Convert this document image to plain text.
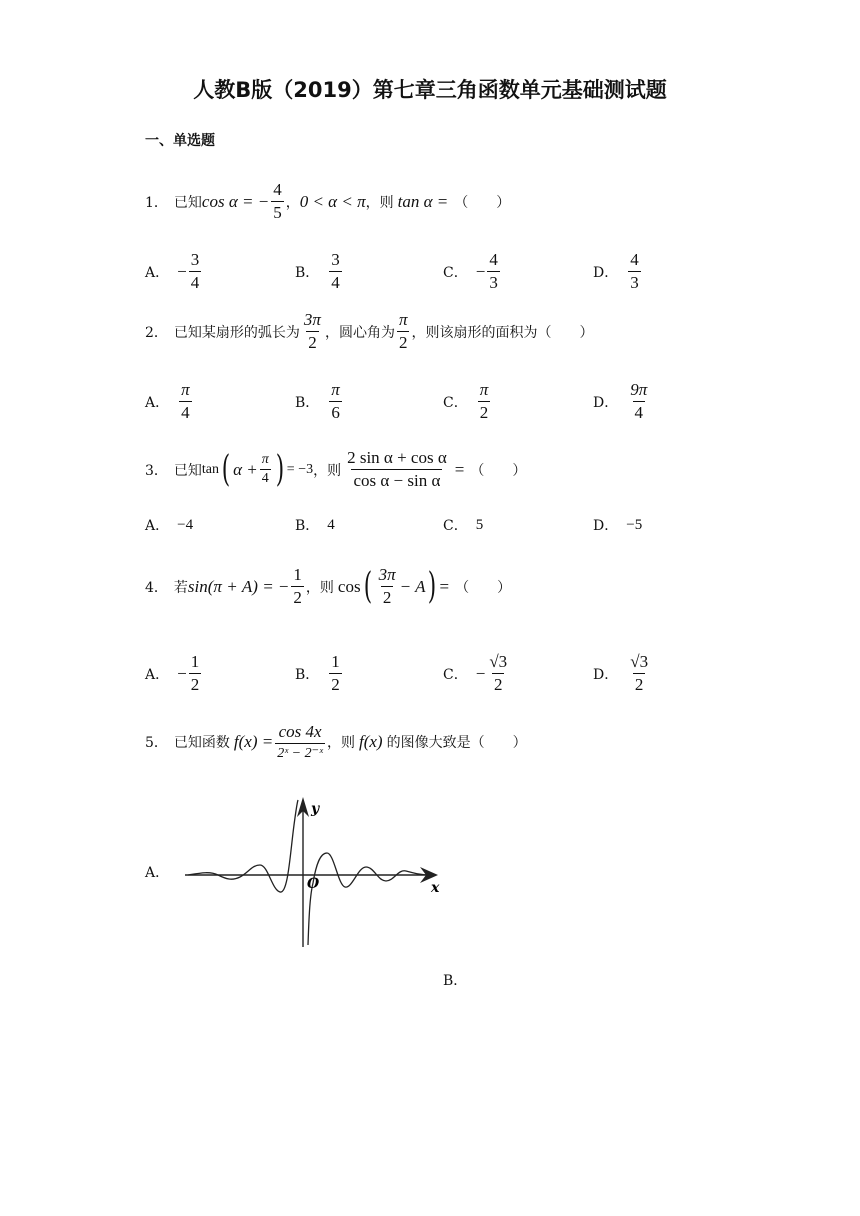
人教B版（2019）第七章三角函数单元基础测试题
一、单选题
1． 已知 cos α = − $\frac{4}{5}$ ， 0 < α < π ，则 tan α = （　　）
A． − $\frac{3}{4}$	B． $\frac{3}{4}$	C． − $\frac{4}{3}$	D． $\frac{4}{3}$
2． 已知某扇形的弧长为 $\frac{3\pi}{2}$ ，圆心角为 $\frac{\pi}{2}$ ，则该扇形的面积为（　　）
A． $\frac{\pi}{4}$	B． $\frac{\pi}{6}$	C． $\frac{\pi}{2}$	D． $\frac{9\pi}{4}$
3． 已知 tan ( $\alpha + \frac{\pi}{4}$ ) = −3 ，则 $\frac{\text{2 sin α + cos α}}{\text{cos α − sin α}}$ = （　　）
A． −4	B． 4	C． 5	D． −5
4． 若 sin(π + A) = − $\frac{1}{2}$ ，则 cos ( $\frac{3\pi}{2} - A$ ) = （　　）
A． − $\frac{1}{2}$	B． $\frac{1}{2}$	C． − $\frac{√3}{2}$	D． $\frac{√3}{2}$
5． 已知函数 $f(x) = \frac{\cos 4x}{\text{2ˣ − 2⁻ˣ}}$ ，则 f(x) 的图像大致是（　　）
A．
O	x
y
B．
